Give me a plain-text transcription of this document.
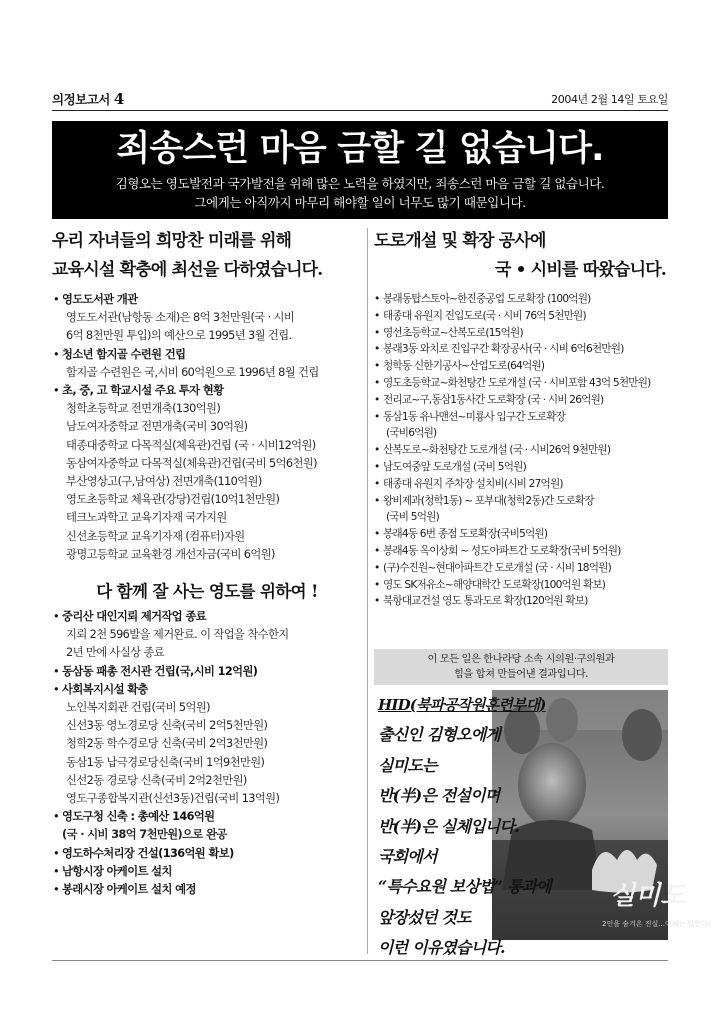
의정보고서 4	2004년 2월 14일 토요일
죄송스런 마음 금할 길 없습니다.
김형오는 영도발전과 국가발전을 위해 많은 노력을 하였지만, 죄송스런 마음 금할 길 없습니다.
그에게는 아직까지 마무리 해야할 일이 너무도 많기 때문입니다.
우리 자녀들의 희망찬 미래를 위해
교육시설 확충에 최선을 다하였습니다.
• 영도도서관 개관
영도도서관(남항동 소재)은 8억 3천만원(국 · 시비
6억 8천만원 투입)의 예산으로 1995년 3월 건립.
• 청소년 함지골 수련원 건립
함지골 수련원은 국,시비 60억원으로 1996년 8월 건립
• 초, 중, 고 학교시설 주요 투자 현황
청학초등학교 전면개축(130억원)
남도여자중학교 전면개축(국비 30억원)
태종대중학교 다목적실(체육관)건립 (국 · 시비12억원)
동삼여자중학교 다목적실(체육관)건립(국비 5억6천원)
부산영상고(구,남여상) 전면개축(110억원)
영도초등학교 체육관(강당)건립(10억1천만원)
테크노과학고 교육기자재 국가지원
신선초등학교 교육기자재 (컴퓨터)자원
광명고등학교 교육환경 개선자금(국비 6억원)
다 함께 잘 사는 영도를 위하여 !
• 중리산 대인지뢰 제거작업 종료
지뢰 2천 596발을 제거완료. 이 작업을 착수한지
2년 만에 사실상 종료
• 동삼동 패총 전시관 건립(국,시비 12억원)
• 사회복지시설 확충
노인복지회관 건립(국비 5억원)
신선3동 영노경로당 신축(국비 2억5천만원)
청학2동 학수경로당 신축(국비 2억3천만원)
동삼1동 납극경로당신축(국비 1억9천만원)
신선2동 경로당 신축(국비 2억2천만원)
영도구종합복지관(신선3동)건립(국비 13억원)
• 영도구청 신축 : 총예산 146억원
(국 · 시비 38억 7천만원)으로 완공
• 영도하수처리장 건설(136억원 확보)
• 남항시장 아케이트 설치
• 봉래시장 아케이트 설치 예정
도로개설 및 확장 공사에
국 • 시비를 따왔습니다.
• 봉래동탑스토아~한진중공업 도로확장 (100억원)
• 태종대 유원지 진입도로(국 · 시비 76억 5천만원)
• 영선초등학교~산복도로(15억원)
• 봉래3동 와치로 진입구간 확장공사(국 · 시비 6억6천만원)
• 청학동 신한기공사~산업도로(64억원)
• 영도초등학교~화천탕간 도로개설 (국 · 시비포함 43억 5천만원)
• 전리교~구,동삼1동사간 도로확장 (국 · 시비 26억원)
• 동삼1동 유나맨션~미룡사 입구간 도로확장
(국비6억원)
• 산복도로~화천탕간 도로개설 (국 · 시비26억 9천만원)
• 남도여중앞 도로개설 (국비 5억원)
• 태종대 유원지 주차장 설치비(시비 27억원)
• 왕비제과(청학1동) ~ 포부대(청학2동)간 도로확장
(국비 5억원)
• 봉래4동 6번 종점 도로확장(국비5억원)
• 봉래4동 옥이상회 ~ 성도아파트간 도로확장(국비 5억원)
• (구)수진원~현대아파트간 도로개설 (국 · 시비 18억원)
• 영도 SK저유소~해양대학간 도로확장(100억원 확보)
• 북항대교건설 영도 통과도로 확장(120억원 확보)
이 모든 일은 한나라당 소속 시의원·구의원과
힘을 합쳐 만들어낸 결과입니다.
2인을 숨겨온 진실...이제는 말한다!
실미도
HID(북파공작원훈련부대)
출신인 김형오에게
실미도는
반(半)은 전설이며
반(半)은 실체입니다.
국회에서
“특수요원 보상법” 통과에
앞장섰던 것도
이런 이유였습니다.
